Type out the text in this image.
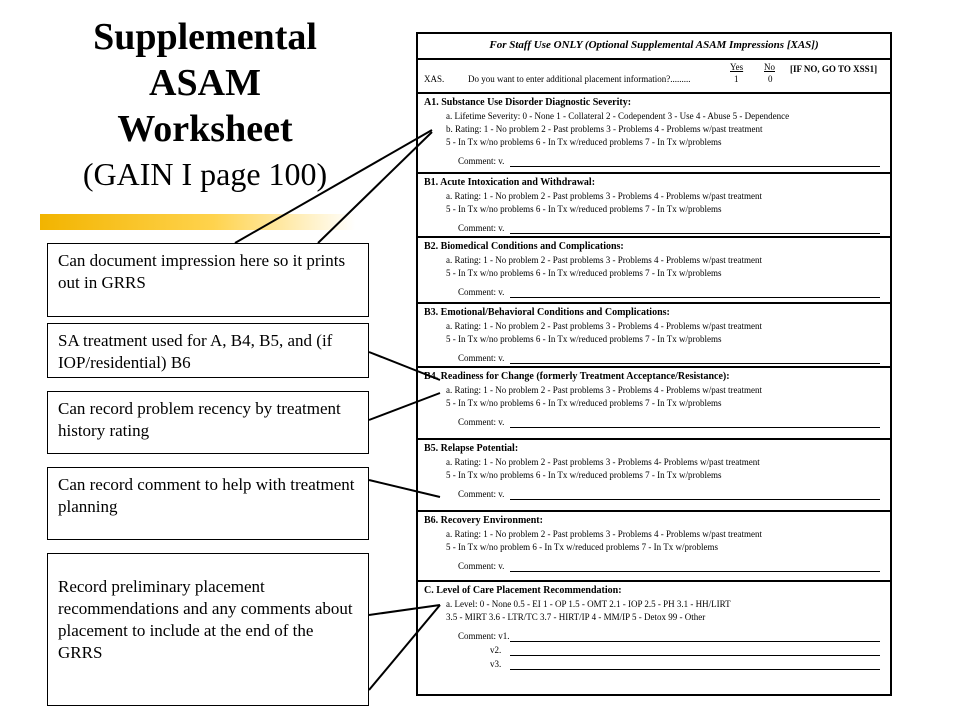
Supplemental
ASAM
Worksheet
(GAIN I page 100)
For Staff Use ONLY (Optional Supplemental ASAM Impressions [XAS])
XAS.	Do you want to enter additional placement information?.........
Yes No
1	0
[IF NO, GO TO XSS1]
A1. Substance Use Disorder Diagnostic Severity:
a. Lifetime Severity: 0 - None 1 - Collateral 2 - Codependent 3 - Use 4 - Abuse 5 - Dependence
b. Rating: 1 - No problem 2 - Past problems 3 - Problems 4 - Problems w/past treatment
5 - In Tx w/no problems 6 - In Tx w/reduced problems 7 - In Tx w/problems
Comment: v.
B1. Acute Intoxication and Withdrawal:
a. Rating: 1 - No problem 2 - Past problems 3 - Problems 4 - Problems w/past treatment
5 - In Tx w/no problems 6 - In Tx w/reduced problems 7 - In Tx w/problems
Comment: v.
B2. Biomedical Conditions and Complications:
a. Rating: 1 - No problem 2 - Past problems 3 - Problems 4 - Problems w/past treatment
5 - In Tx w/no problems 6 - In Tx w/reduced problems 7 - In Tx w/problems
Comment: v.
B3. Emotional/Behavioral Conditions and Complications:
a. Rating: 1 - No problem 2 - Past problems 3 - Problems 4 - Problems w/past treatment
5 - In Tx w/no problems 6 - In Tx w/reduced problems 7 - In Tx w/problems
Comment: v.
B4. Readiness for Change (formerly Treatment Acceptance/Resistance):
a. Rating: 1 - No problem 2 - Past problems 3 - Problems 4 - Problems w/past treatment
5 - In Tx w/no problems 6 - In Tx w/reduced problems 7 - In Tx w/problems
Comment: v.
B5. Relapse Potential:
a. Rating: 1 - No problem 2 - Past problems 3 - Problems 4- Problems w/past treatment
5 - In Tx w/no problems 6 - In Tx w/reduced problems 7 - In Tx w/problems
Comment: v.
B6. Recovery Environment:
a. Rating: 1 - No problem 2 - Past problems 3 - Problems 4 - Problems w/past treatment
5 - In Tx w/no problem 6 - In Tx w/reduced problems 7 - In Tx w/problems
Comment: v.
C. Level of Care Placement Recommendation:
a. Level: 0 - None 0.5 - EI 1 - OP 1.5 - OMT 2.1 - IOP 2.5 - PH 3.1 - HH/LIRT
3.5 - MIRT 3.6 - LTR/TC 3.7 - HIRT/IP 4 - MM/IP 5 - Detox 99 - Other
Comment: v1.
v2.
v3.
Can document impression here so it prints out in GRRS
SA treatment used for A, B4, B5, and (if IOP/residential) B6
Can record problem recency by treatment history rating
Can record comment to help with treatment planning
Record preliminary placement recommendations and any comments about placement to include at the end of the GRRS
